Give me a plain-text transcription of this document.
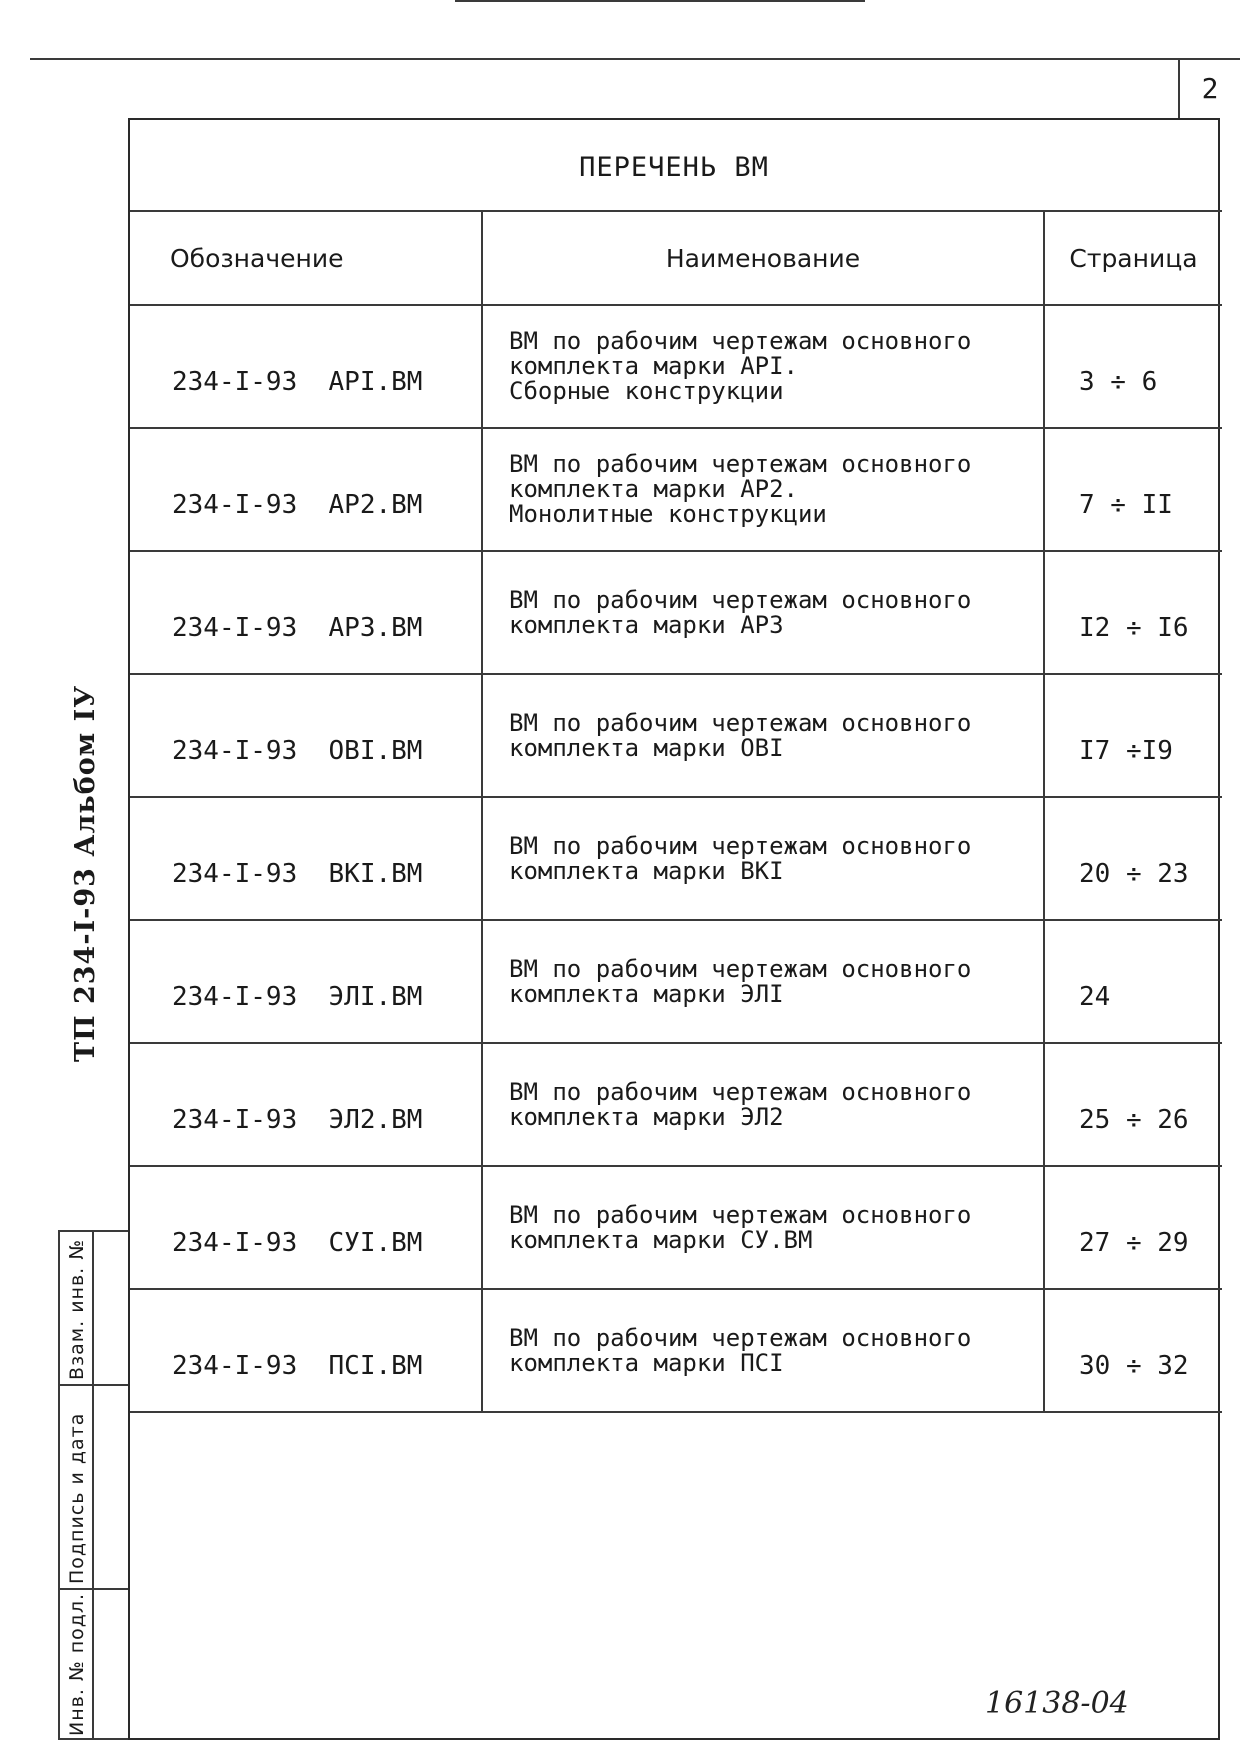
2
ПЕРЕЧЕНЬ ВМ
Обозначение	Наименование	Страница
234-I-93  АРI.ВМ	ВМ по рабочим чертежам основного
комплекта марки АРI.
Сборные конструкции	3 ÷ 6
234-I-93  АР2.ВМ	ВМ по рабочим чертежам основного
комплекта марки АР2.
Монолитные конструкции	7 ÷ II
234-I-93  АР3.ВМ	ВМ по рабочим чертежам основного
комплекта марки АР3	I2 ÷ I6
234-I-93  ОВI.ВМ	ВМ по рабочим чертежам основного
комплекта марки ОВI	I7 ÷I9
234-I-93  ВКI.ВМ	ВМ по рабочим чертежам основного
комплекта марки ВКI	20 ÷ 23
234-I-93  ЭЛI.ВМ	ВМ по рабочим чертежам основного
комплекта марки ЭЛI	24
234-I-93  ЭЛ2.ВМ	ВМ по рабочим чертежам основного
комплекта марки ЭЛ2	25 ÷ 26
234-I-93  СУI.ВМ	ВМ по рабочим чертежам основного
комплекта марки СУ.ВМ	27 ÷ 29
234-I-93  ПСI.ВМ	ВМ по рабочим чертежам основного
комплекта марки ПСI	30 ÷ 32
ТП 234-I-93 Альбом IУ
Взам. инв. №
Подпись и дата
Инв. № подл.	16138-04
